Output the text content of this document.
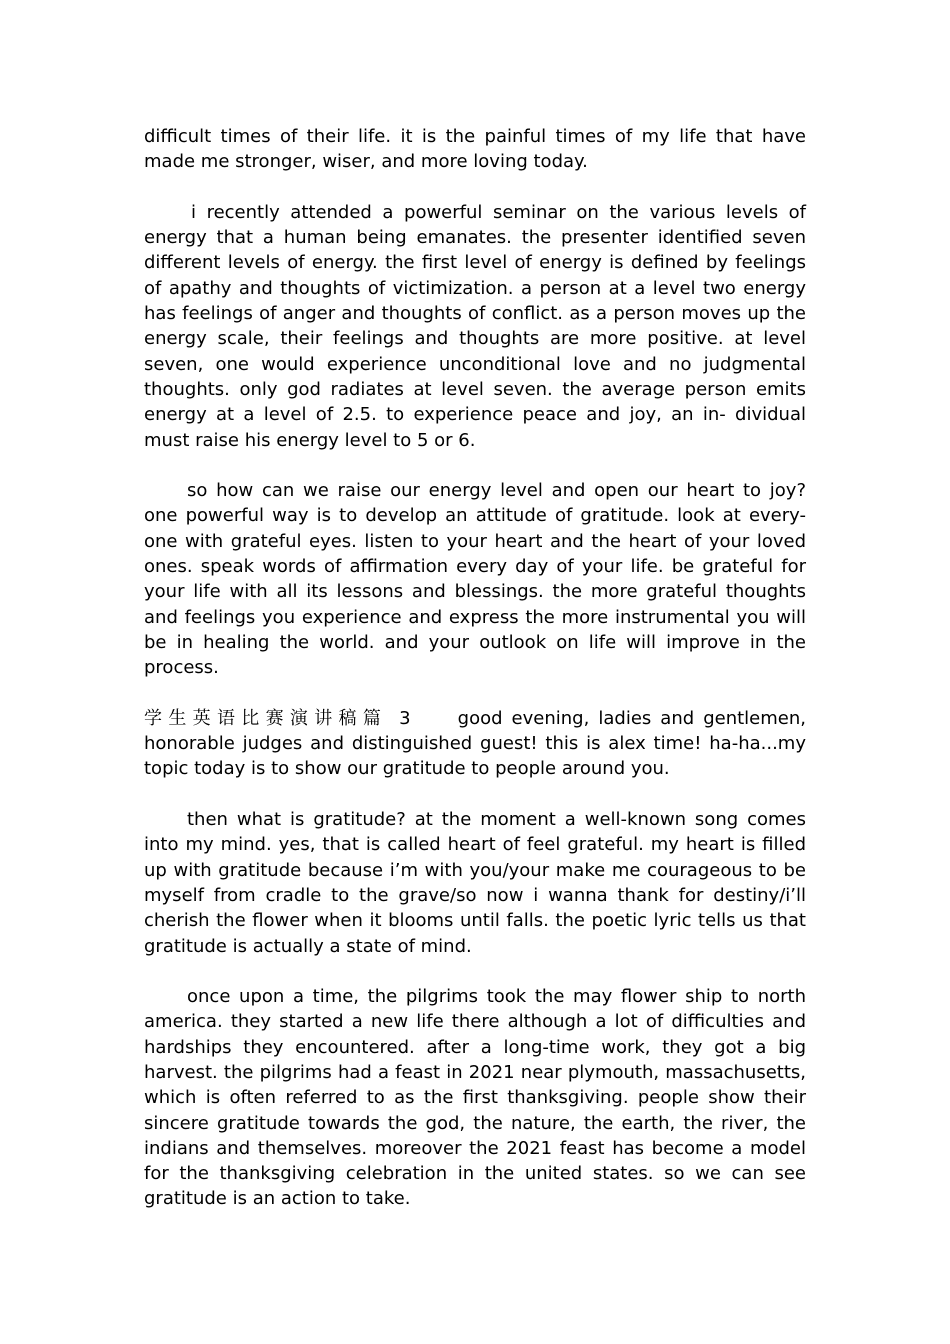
difficult times of their life. it is the painful times of my life that have made me stronger, wiser, and more loving today.

i recently attended a powerful seminar on the various levels of energy that a human being emanates. the presenter identified seven different levels of energy. the first level of energy is defined by feelings of apathy and thoughts of victimization. a person at a level two energy has feelings of anger and thoughts of conflict. as a person moves up the energy scale, their feelings and thoughts are more positive. at level seven, one would experience unconditional love and no judgmental thoughts. only god radiates at level seven. the average person emits energy at a level of 2.5. to experience peace and joy, an in- dividual must raise his energy level to 5 or 6.

so how can we raise our energy level and open our heart to joy? one powerful way is to develop an attitude of gratitude. look at every- one with grateful eyes. listen to your heart and the heart of your loved ones. speak words of affirmation every day of your life. be grateful for your life with all its lessons and blessings. the more grateful thoughts and feelings you experience and express the more instrumental you will be in healing the world. and your outlook on life will improve in the process.

学生英语比赛演讲稿篇 3 good evening, ladies and gentlemen, honorable judges and distinguished guest! this is alex time! ha-ha...my topic today is to show our gratitude to people around you.

then what is gratitude? at the moment a well-known song comes into my mind. yes, that is called heart of feel grateful. my heart is filled up with gratitude because i’m with you/your make me courageous to be myself from cradle to the grave/so now i wanna thank for destiny/i’ll cherish the flower when it blooms until falls. the poetic lyric tells us that gratitude is actually a state of mind.

once upon a time, the pilgrims took the may flower ship to north america. they started a new life there although a lot of difficulties and hardships they encountered. after a long-time work, they got a big harvest. the pilgrims had a feast in 2021 near plymouth, massachusetts, which is often referred to as the first thanksgiving. people show their sincere gratitude towards the god, the nature, the earth, the river, the indians and themselves. moreover the 2021 feast has become a model for the thanksgiving celebration in the united states. so we can see gratitude is an action to take.
